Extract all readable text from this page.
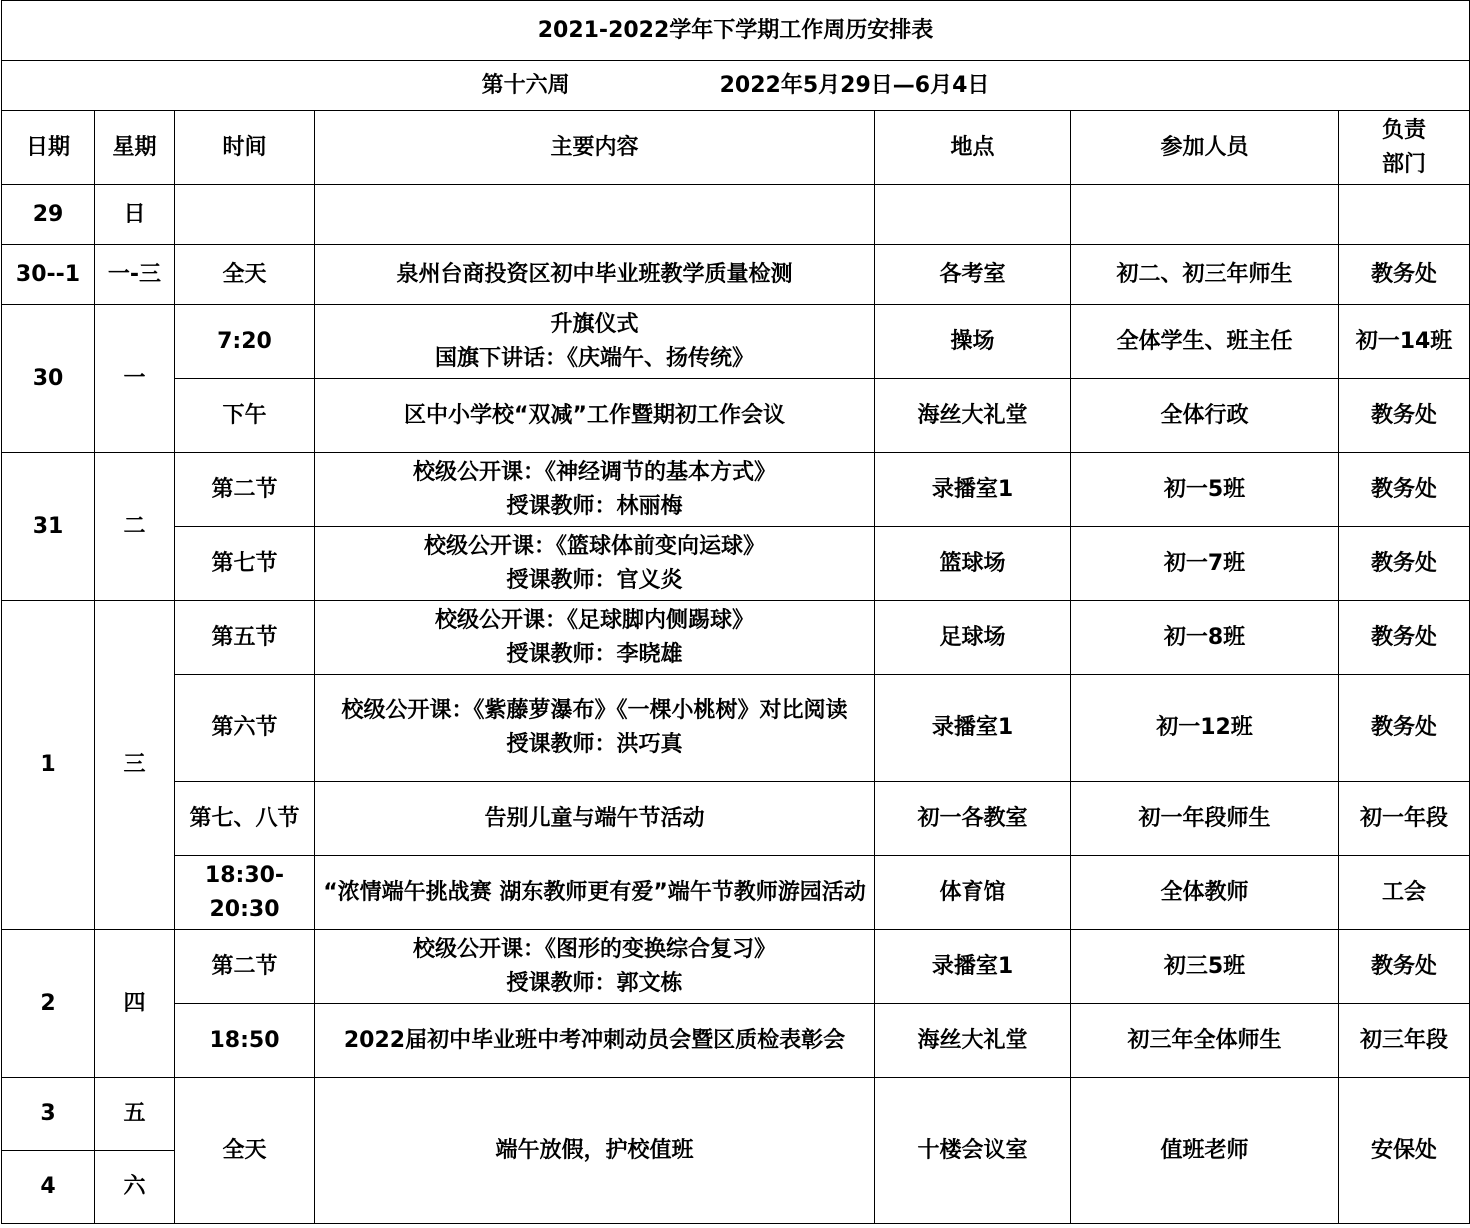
2021-2022学年下学期工作周历安排表						
第十六周 2022年5月29日—6月4日						
日期	星期	时间	主要内容	地点	参加人员	负责
部门
29	日					
30--1	一-三	全天	泉州台商投资区初中毕业班教学质量检测	各考室	初二、初三年师生	教务处
30	一	7:20	升旗仪式
国旗下讲话：《庆端午、扬传统》	操场	全体学生、班主任	初一14班
		下午	区中小学校“双减”工作暨期初工作会议	海丝大礼堂	全体行政	教务处
31	二	第二节	校级公开课：《神经调节的基本方式》
授课教师：林丽梅	录播室1	初一5班	教务处
		第七节	校级公开课：《篮球体前变向运球》
授课教师：官义炎	篮球场	初一7班	教务处
1	三	第五节	校级公开课：《足球脚内侧踢球》
授课教师：李晓雄	足球场	初一8班	教务处
		第六节	校级公开课：《紫藤萝瀑布》《一棵小桃树》对比阅读
授课教师：洪巧真	录播室1	初一12班	教务处
		第七、八节	告别儿童与端午节活动	初一各教室	初一年段师生	初一年段
		18:30-20:30	“浓情端午挑战赛 湖东教师更有爱”端午节教师游园活动	体育馆	全体教师	工会
2	四	第二节	校级公开课：《图形的变换综合复习》
授课教师：郭文栋	录播室1	初三5班	教务处
		18:50	2022届初中毕业班中考冲刺动员会暨区质检表彰会	海丝大礼堂	初三年全体师生	初三年段
3	五	全天	端午放假，护校值班	十楼会议室	值班老师	安保处
4	六					
